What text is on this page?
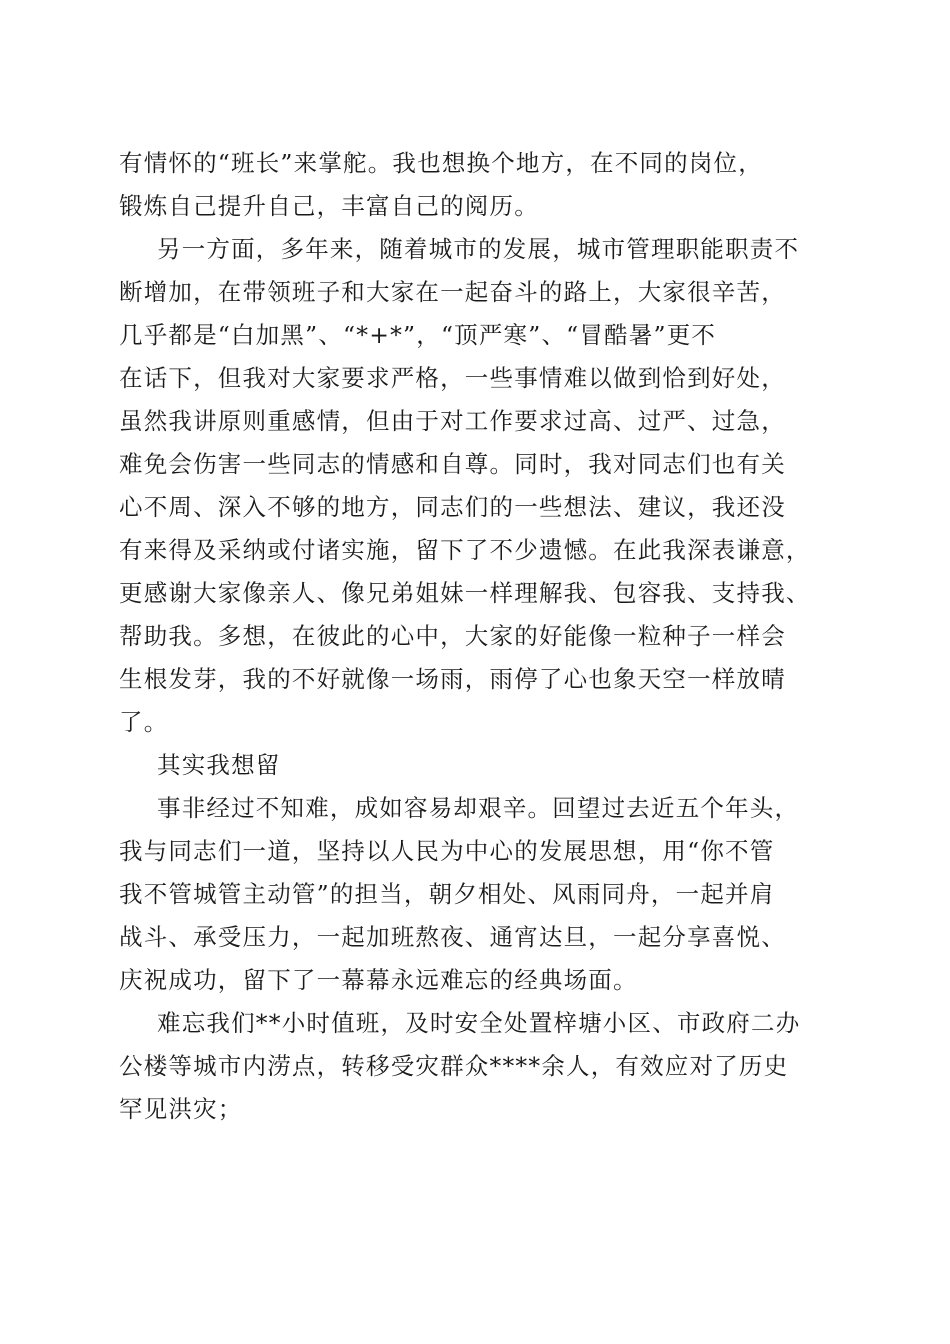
有情怀的“班长”来掌舵。我也想换个地方，在不同的岗位，
锻炼自己提升自己，丰富自己的阅历。
另一方面，多年来，随着城市的发展，城市管理职能职责不
断增加，在带领班子和大家在一起奋斗的路上，大家很辛苦，
几乎都是“白加黑”、“*+*”，“顶严寒”、“冒酷暑”更不
在话下，但我对大家要求严格，一些事情难以做到恰到好处，
虽然我讲原则重感情，但由于对工作要求过高、过严、过急，
难免会伤害一些同志的情感和自尊。同时，我对同志们也有关
心不周、深入不够的地方，同志们的一些想法、建议，我还没
有来得及采纳或付诸实施，留下了不少遗憾。在此我深表谦意，
更感谢大家像亲人、像兄弟姐妹一样理解我、包容我、支持我、
帮助我。多想，在彼此的心中，大家的好能像一粒种子一样会
生根发芽，我的不好就像一场雨，雨停了心也象天空一样放晴
了。
其实我想留
事非经过不知难，成如容易却艰辛。回望过去近五个年头，
我与同志们一道，坚持以人民为中心的发展思想，用“你不管
我不管城管主动管”的担当，朝夕相处、风雨同舟，一起并肩
战斗、承受压力，一起加班熬夜、通宵达旦，一起分享喜悦、
庆祝成功，留下了一幕幕永远难忘的经典场面。
难忘我们**小时值班，及时安全处置梓塘小区、市政府二办
公楼等城市内涝点，转移受灾群众****余人，有效应对了历史
罕见洪灾；
